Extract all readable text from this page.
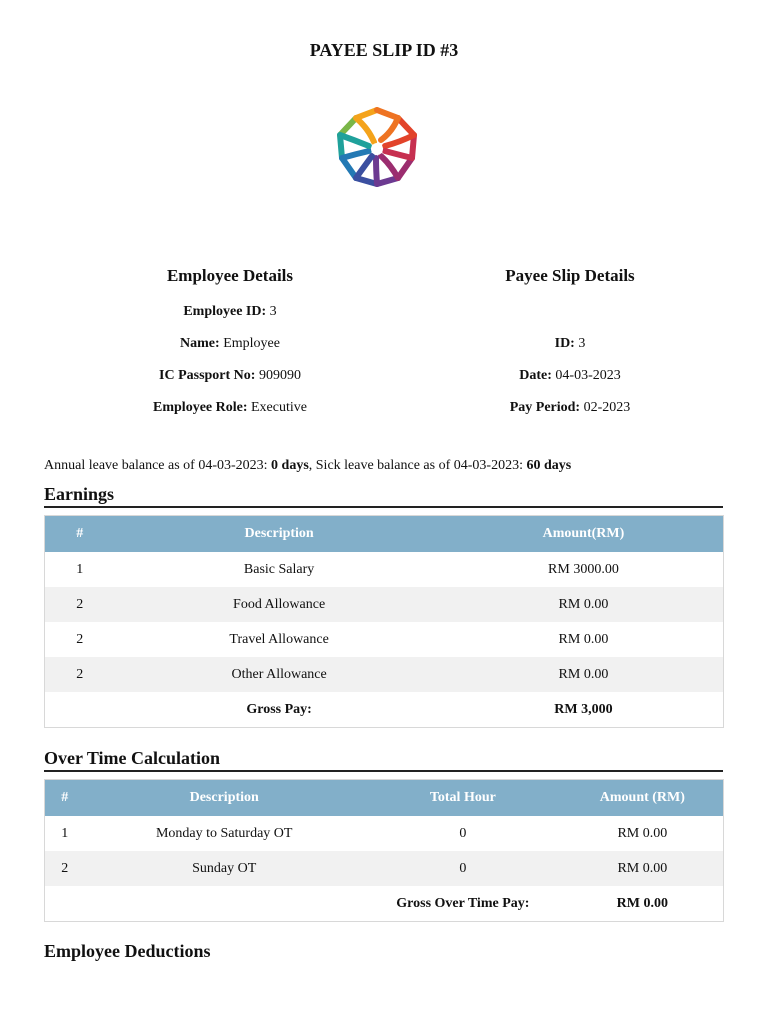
PAYEE SLIP ID #3
Employee Details	Payee Slip Details
Employee ID: 3
Name: Employee
IC Passport No: 909090
Employee Role: Executive
ID: 3
Date: 04-03-2023
Pay Period: 02-2023
Annual leave balance as of 04-03-2023: 0 days, Sick leave balance as of 04-03-2023: 60 days
Earnings
#	Description	Amount(RM)
1	Basic Salary	RM 3000.00
2	Food Allowance	RM 0.00
2	Travel Allowance	RM 0.00
2	Other Allowance	RM 0.00
	Gross Pay:	RM 3,000
Over Time Calculation
#	Description	Total Hour	Amount (RM)
1	Monday to Saturday OT	0	RM 0.00
2	Sunday OT	0	RM 0.00
		Gross Over Time Pay:	RM 0.00
Employee Deductions
